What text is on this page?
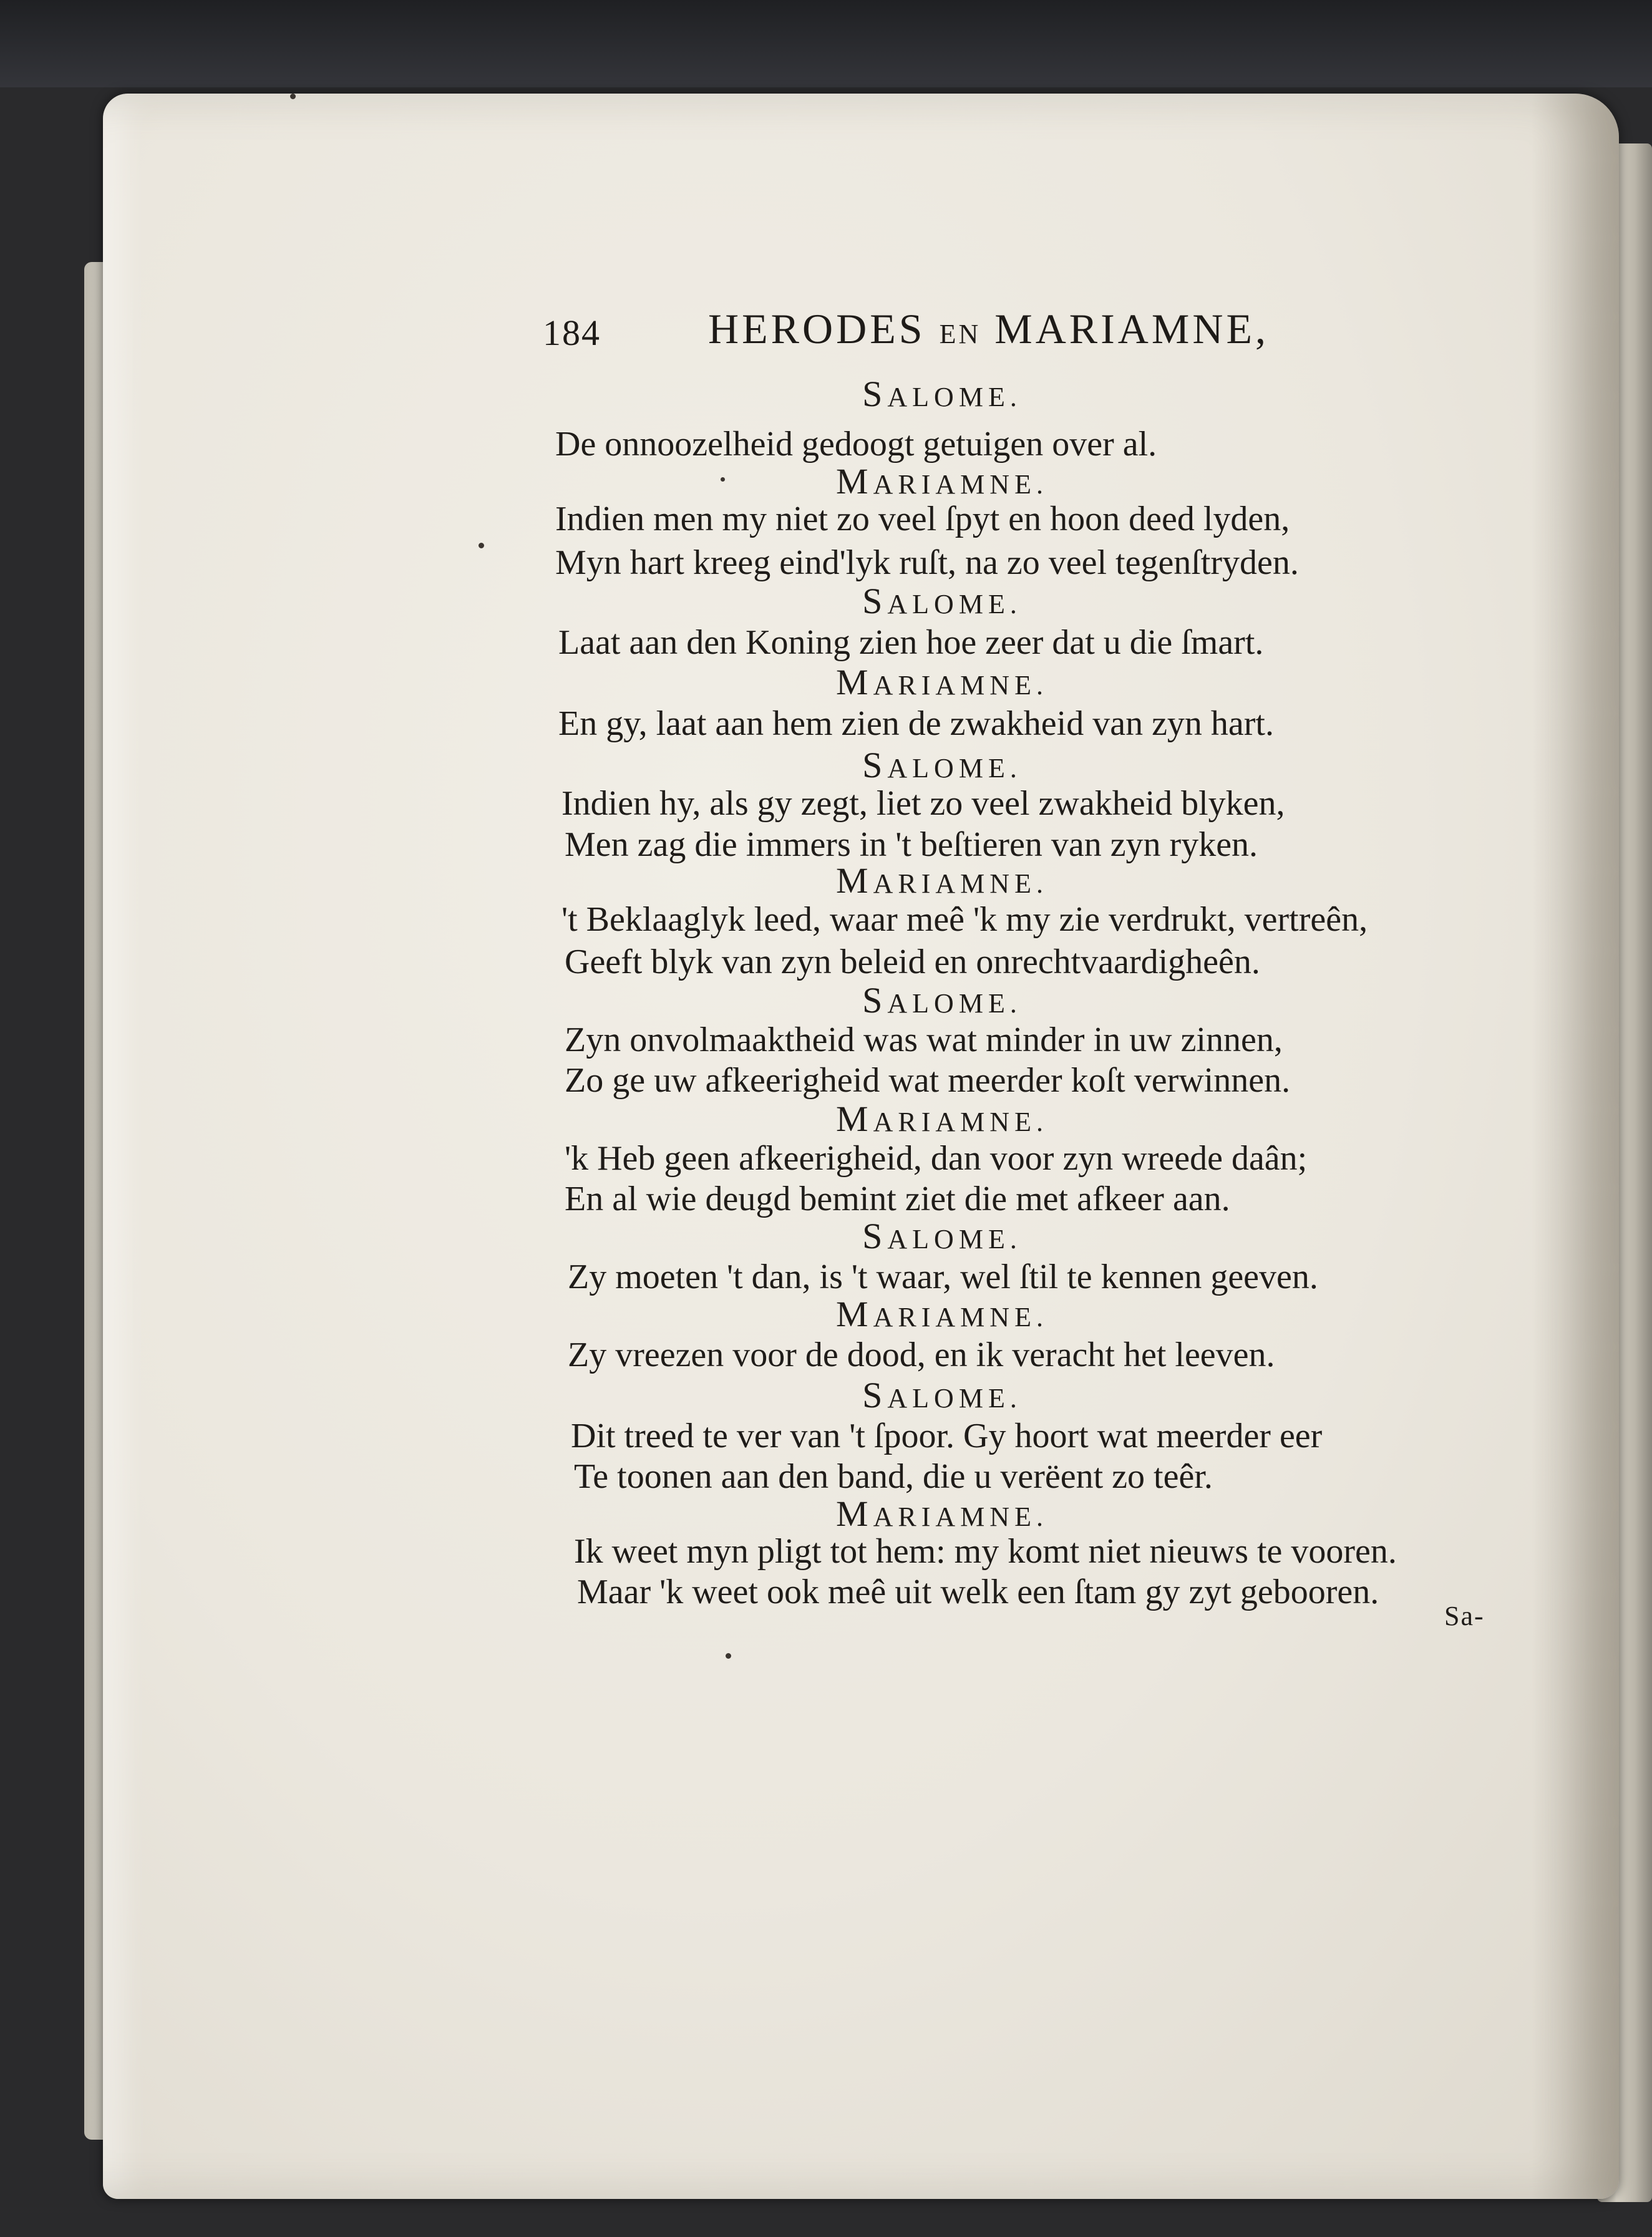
184	HERODES EN MARIAMNE,
SALOME.
De onnoozelheid gedoogt getuigen over al.
MARIAMNE.
Indien men my niet zo veel ſpyt en hoon deed lyden,
Myn hart kreeg eind'lyk ruſt, na zo veel tegenſtryden.
SALOME.
Laat aan den Koning zien hoe zeer dat u die ſmart.
MARIAMNE.
En gy, laat aan hem zien de zwakheid van zyn hart.
SALOME.
Indien hy, als gy zegt, liet zo veel zwakheid blyken,
Men zag die immers in 't beſtieren van zyn ryken.
MARIAMNE.
't Beklaaglyk leed, waar meê 'k my zie verdrukt, vertreên,
Geeft blyk van zyn beleid en onrechtvaardigheên.
SALOME.
Zyn onvolmaaktheid was wat minder in uw zinnen,
Zo ge uw afkeerigheid wat meerder koſt verwinnen.
MARIAMNE.
'k Heb geen afkeerigheid, dan voor zyn wreede daân;
En al wie deugd bemint ziet die met afkeer aan.
SALOME.
Zy moeten 't dan, is 't waar, wel ſtil te kennen geeven.
MARIAMNE.
Zy vreezen voor de dood, en ik veracht het leeven.
SALOME.
Dit treed te ver van 't ſpoor. Gy hoort wat meerder eer
Te toonen aan den band, die u verëent zo teêr.
MARIAMNE.
Ik weet myn pligt tot hem: my komt niet nieuws te vooren.
Maar 'k weet ook meê uit welk een ſtam gy zyt gebooren.
Sa-
